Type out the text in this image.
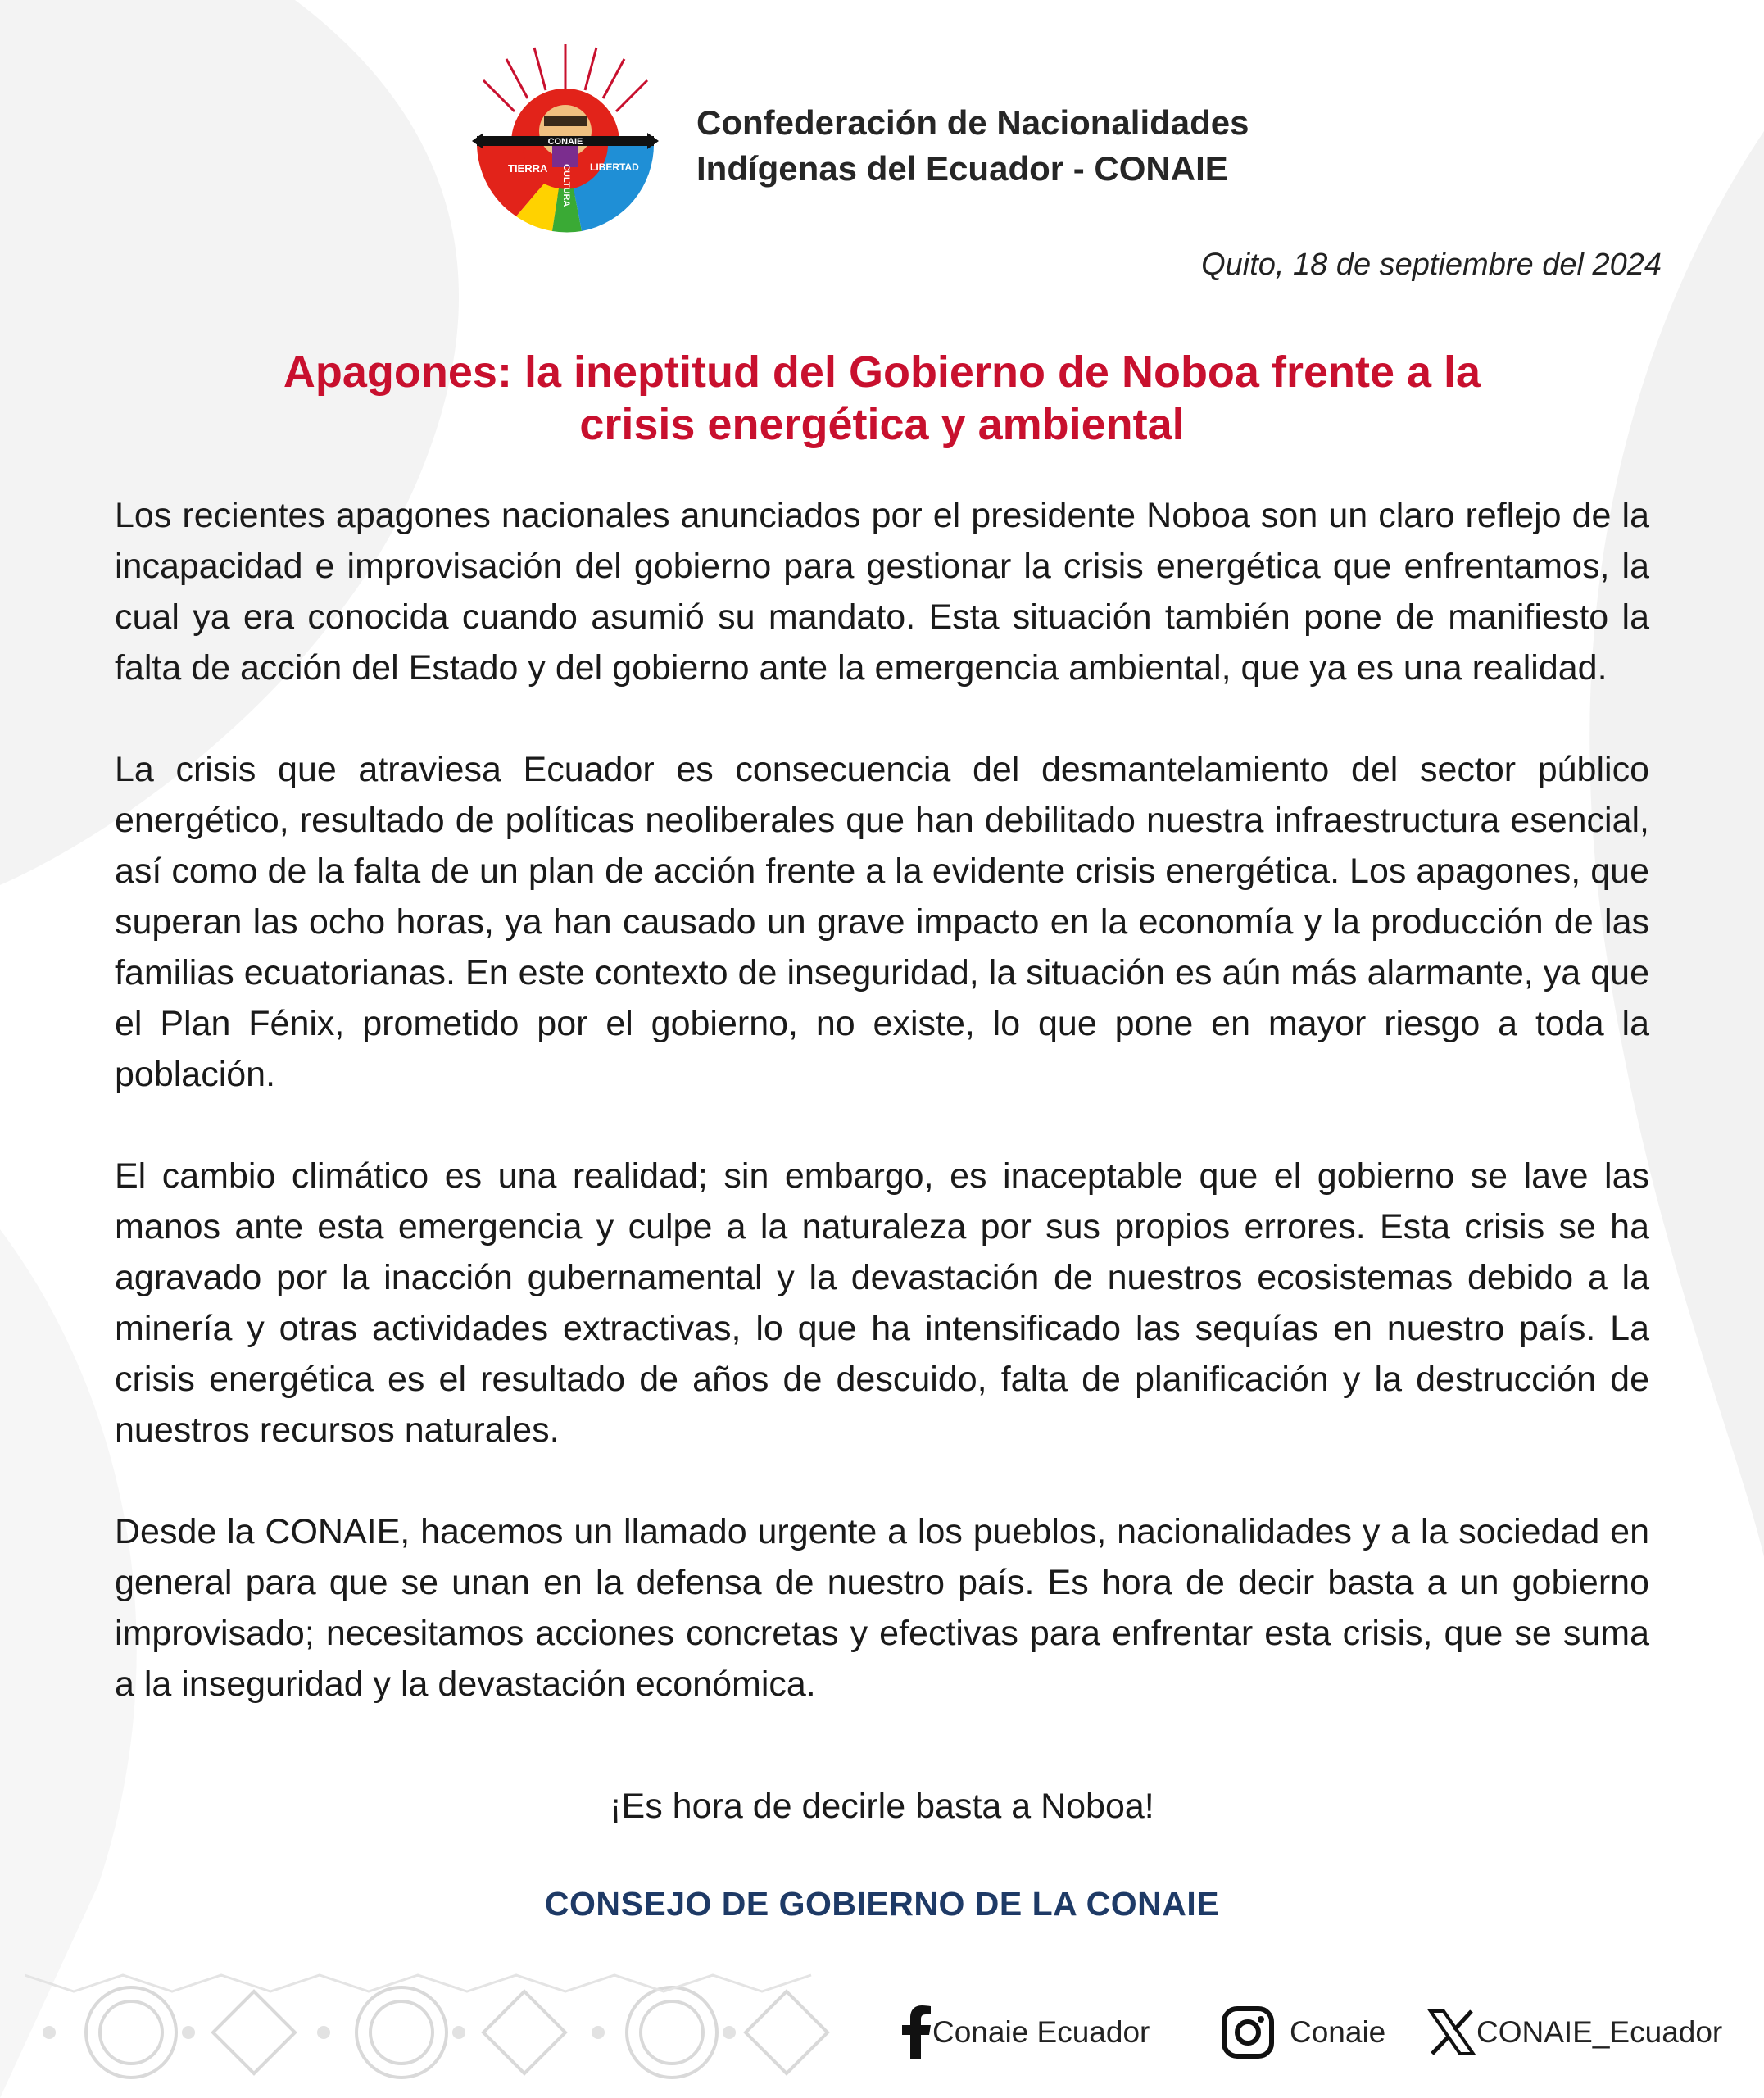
CONAIE
TIERRA CULTURA LIBERTAD
Confederación de Nacionalidades
Indígenas del Ecuador - CONAIE
Quito, 18 de septiembre del 2024
Apagones: la ineptitud del Gobierno de Noboa frente a la
crisis energética y ambiental

Los recientes apagones nacionales anunciados por el presidente Noboa son un claro reflejo de la incapacidad e improvisación del gobierno para gestionar la crisis energética que enfrentamos, la cual ya era conocida cuando asumió su mandato. Esta situación también pone de manifiesto la falta de acción del Estado y del gobierno ante la emergencia ambiental, que ya es una realidad.

La crisis que atraviesa Ecuador es consecuencia del desmantelamiento del sector público energético, resultado de políticas neoliberales que han debilitado nuestra infraestructura esencial, así como de la falta de un plan de acción frente a la evidente crisis energética. Los apagones, que superan las ocho horas, ya han causado un grave impacto en la economía y la producción de las familias ecuatorianas. En este contexto de inseguridad, la situación es aún más alarmante, ya que el Plan Fénix, prometido por el gobierno, no existe, lo que pone en mayor riesgo a toda la población.

El cambio climático es una realidad; sin embargo, es inaceptable que el gobierno se lave las manos ante esta emergencia y culpe a la naturaleza por sus propios errores. Esta crisis se ha agravado por la inacción gubernamental y la devastación de nuestros ecosistemas debido a la minería y otras actividades extractivas, lo que ha intensificado las sequías en nuestro país. La crisis energética es el resultado de años de descuido, falta de planificación y la destrucción de nuestros recursos naturales.

Desde la CONAIE, hacemos un llamado urgente a los pueblos, nacionalidades y a la sociedad en general para que se unan en la defensa de nuestro país. Es hora de decir basta a un gobierno improvisado; necesitamos acciones concretas y efectivas para enfrentar esta crisis, que se suma a la inseguridad y la devastación económica.

¡Es hora de decirle basta a Noboa!
CONSEJO DE GOBIERNO DE LA CONAIE
Conaie Ecuador	Conaie	CONAIE_Ecuador
